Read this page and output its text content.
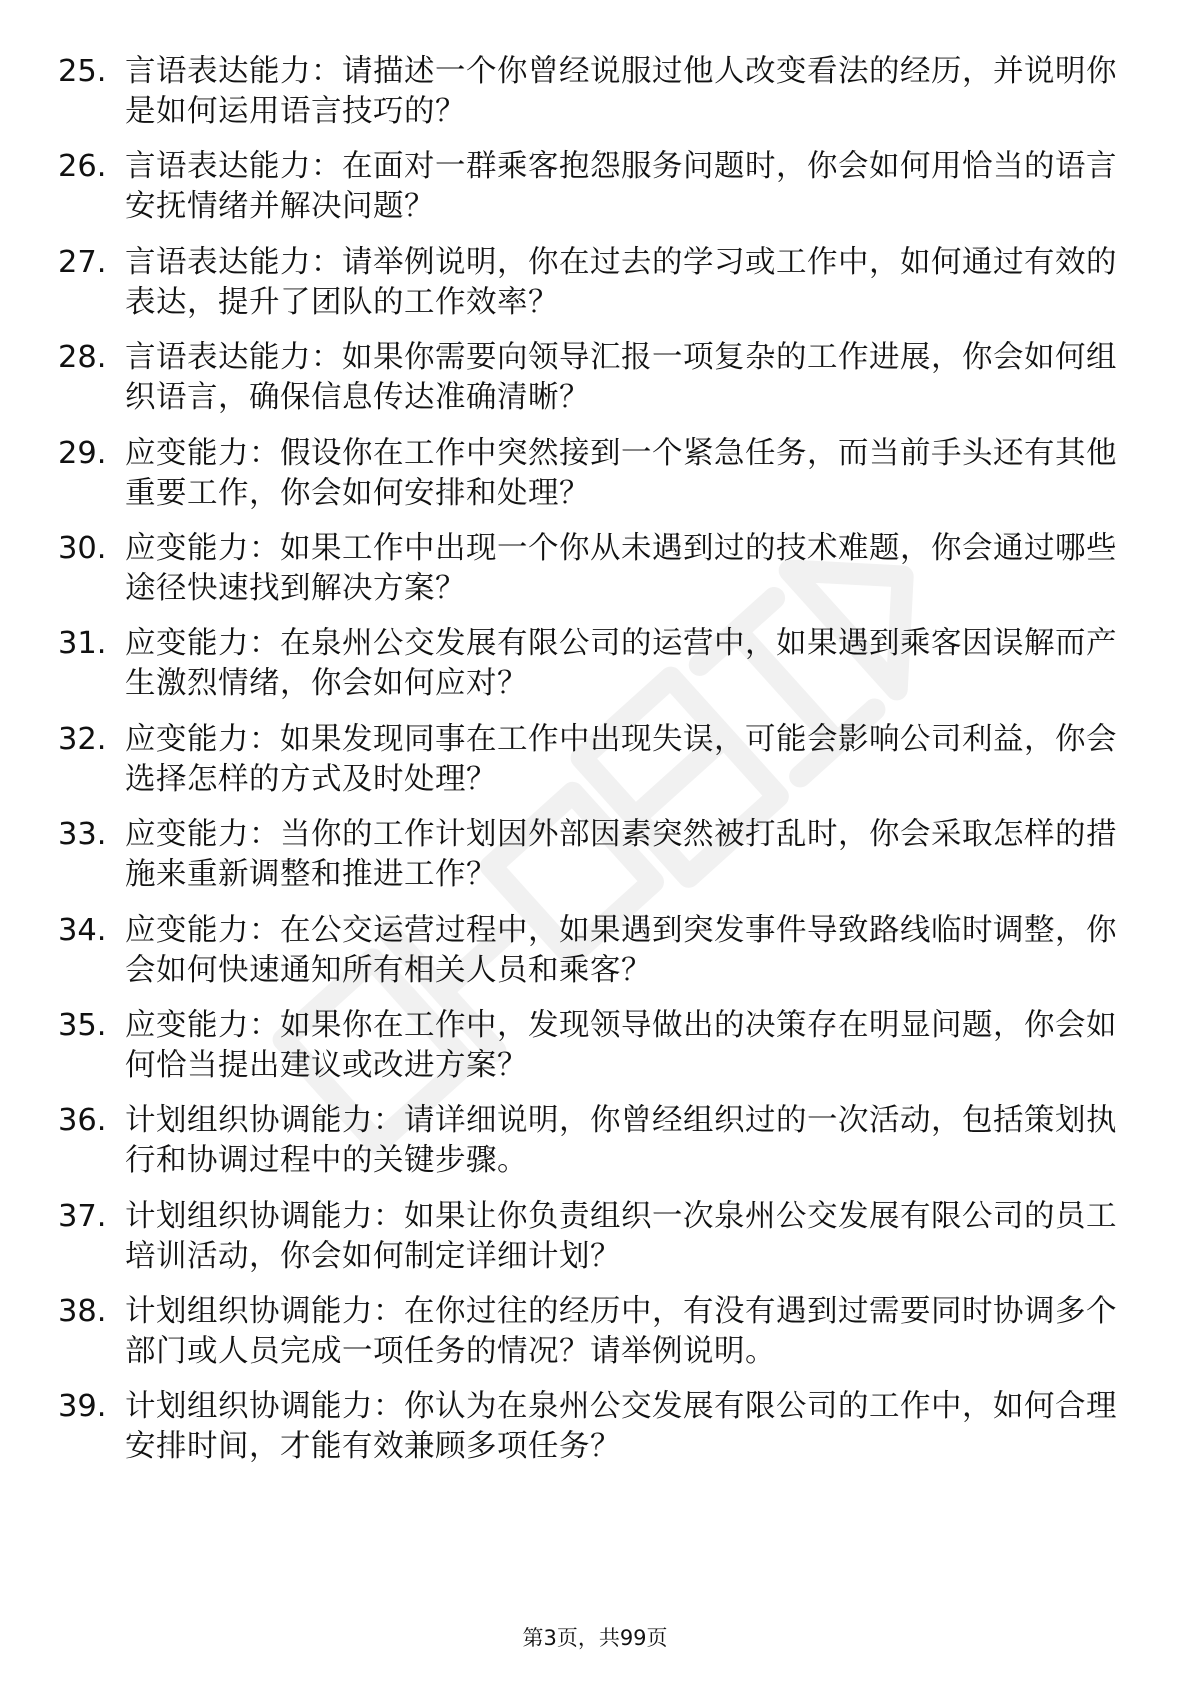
25. 言语表达能力：请描述一个你曾经说服过他人改变看法的经历，并说明你是如何运用语言技巧的？
26. 言语表达能力：在面对一群乘客抱怨服务问题时，你会如何用恰当的语言安抚情绪并解决问题？
27. 言语表达能力：请举例说明，你在过去的学习或工作中，如何通过有效的表达，提升了团队的工作效率？
28. 言语表达能力：如果你需要向领导汇报一项复杂的工作进展，你会如何组织语言，确保信息传达准确清晰？
29. 应变能力：假设你在工作中突然接到一个紧急任务，而当前手头还有其他重要工作，你会如何安排和处理？
30. 应变能力：如果工作中出现一个你从未遇到过的技术难题，你会通过哪些途径快速找到解决方案？
31. 应变能力：在泉州公交发展有限公司的运营中，如果遇到乘客因误解而产生激烈情绪，你会如何应对？
32. 应变能力：如果发现同事在工作中出现失误，可能会影响公司利益，你会选择怎样的方式及时处理？
33. 应变能力：当你的工作计划因外部因素突然被打乱时，你会采取怎样的措施来重新调整和推进工作？
34. 应变能力：在公交运营过程中，如果遇到突发事件导致路线临时调整，你会如何快速通知所有相关人员和乘客？
35. 应变能力：如果你在工作中，发现领导做出的决策存在明显问题，你会如何恰当提出建议或改进方案？
36. 计划组织协调能力：请详细说明，你曾经组织过的一次活动，包括策划执行和协调过程中的关键步骤。
37. 计划组织协调能力：如果让你负责组织一次泉州公交发展有限公司的员工培训活动，你会如何制定详细计划？
38. 计划组织协调能力：在你过往的经历中，有没有遇到过需要同时协调多个部门或人员完成一项任务的情况？请举例说明。
39. 计划组织协调能力：你认为在泉州公交发展有限公司的工作中，如何合理安排时间，才能有效兼顾多项任务？
第3页，共99页
